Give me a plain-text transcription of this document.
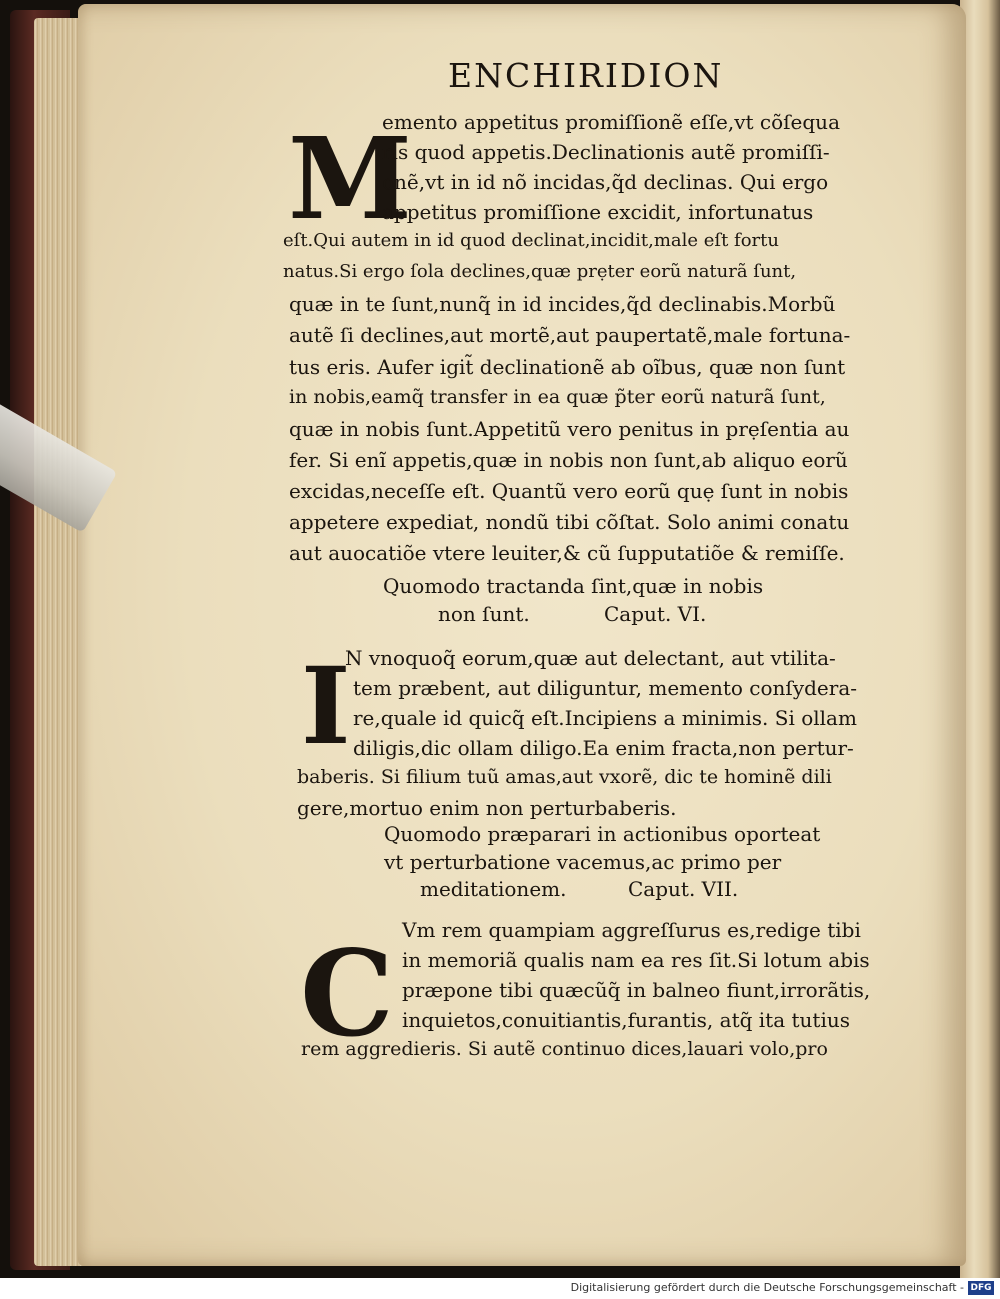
ENCHIRIDION
M
emento appetitus promiſſionẽ eſſe,vt cõſequa
ris quod appetis.Declinationis autẽ promiſſi-
onẽ,vt in id nõ incidas,q̃d declinas. Qui ergo
appetitus promiſſione excidit, infortunatus
eſt.Qui autem in id quod declinat,incidit,male eſt fortu
natus.Si ergo ſola declines,quæ prẹter eorũ naturã ſunt,
quæ in te ſunt,nunq̃ in id incides,q̃d declinabis.Morbũ
autẽ ſi declines,aut mortẽ,aut paupertatẽ,male fortuna-
tus eris. Aufer igit̃ declinationẽ ab oĩbus, quæ non ſunt
in nobis,eamq̃ transfer in ea quæ p̃ter eorũ naturã ſunt,
quæ in nobis ſunt.Appetitũ vero penitus in prẹſentia au
fer. Si enĩ appetis,quæ in nobis non ſunt,ab aliquo eorũ
excidas,neceſſe eſt. Quantũ vero eorũ quẹ ſunt in nobis
appetere expediat, nondũ tibi cõſtat. Solo animi conatu
aut auocatiõe vtere leuiter,& cũ ſupputatiõe & remiſſe.
Quomodo tractanda ſint,quæ in nobis
non ſunt.	Caput. VI.
I
N vnoquoq̃ eorum,quæ aut delectant, aut vtilita-
tem præbent, aut diliguntur, memento conſydera-
re,quale id quicq̃ eſt.Incipiens a minimis. Si ollam
diligis,dic ollam diligo.Ea enim fracta,non pertur-
baberis. Si filium tuũ amas,aut vxorẽ, dic te hominẽ dili
gere,mortuo enim non perturbaberis.
Quomodo præparari in actionibus oporteat
vt perturbatione vacemus,ac primo per
meditationem.	Caput. VII.
C Vm rem quampiam aggreſſurus es,redige tibi
in memoriã qualis nam ea res ſit.Si lotum abis
præpone tibi quæcũq̃ in balneo fiunt,irrorãtis,
inquietos,conuitiantis,furantis, atq̃ ita tutius
rem aggredieris. Si autẽ continuo dices,lauari volo,pro
Digitalisierung gefördert durch die Deutsche Forschungsgemeinschaft - DFG
